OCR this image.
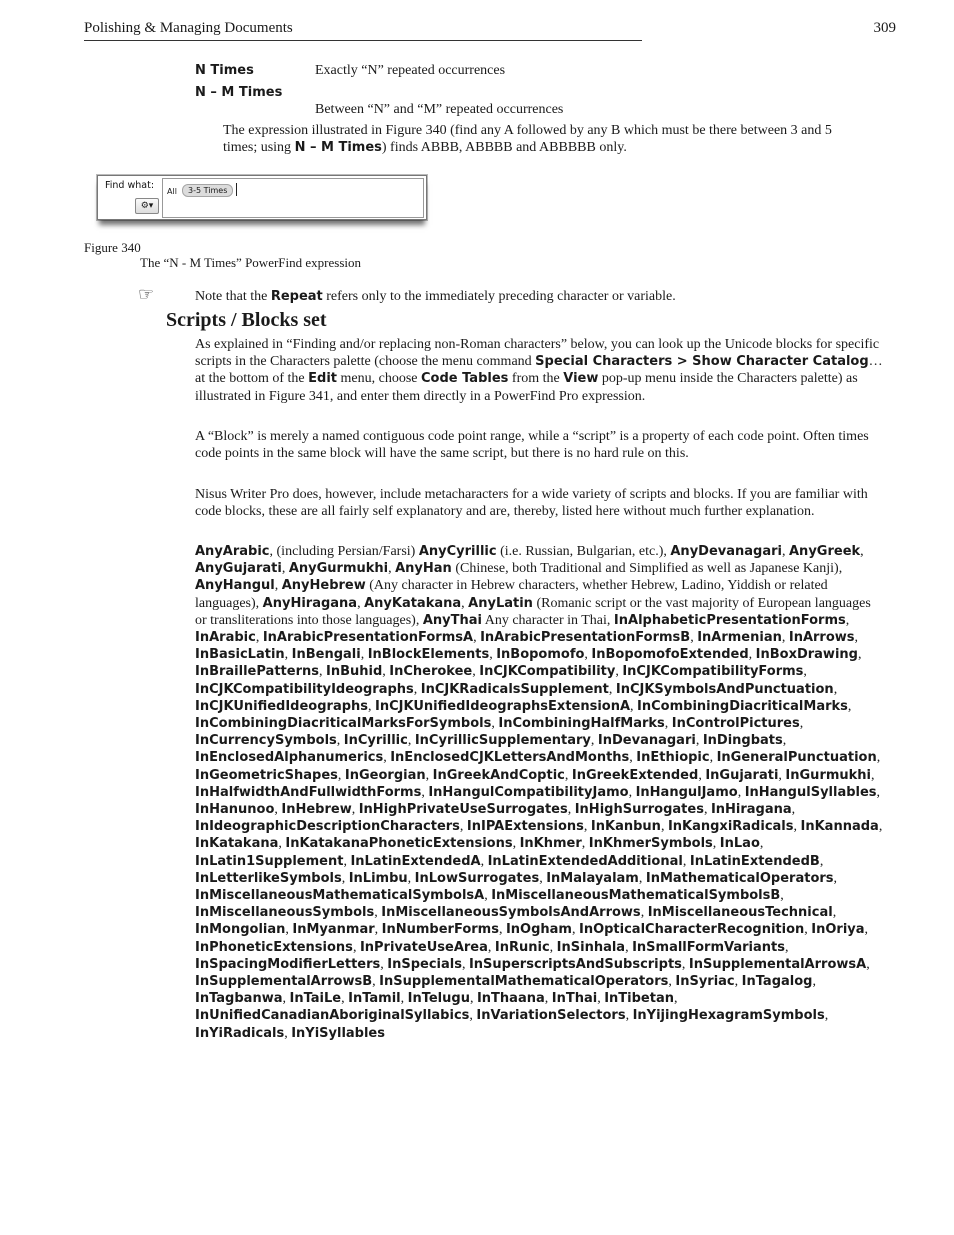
Polishing & Managing Documents	309
N Times	Exactly “N” repeated occurrences
N – M Times
Between “N” and “M” repeated occurrences
The expression illustrated in Figure 340 (find any A followed by any B which must be there between 3 and 5 times; using N – M Times) finds ABBB, ABBBB and ABBBBB only.
Find what:
⚙▾
All	3-5 Times
Figure 340
The “N - M Times” PowerFind expression
☞	Note that the Repeat refers only to the immediately preceding character or variable.
Scripts / Blocks set
As explained in “Finding and/or replacing non-Roman characters” below, you can look up the Unicode blocks for specific scripts in the Characters palette (choose the menu command Special Characters > Show Character Catalog… at the bottom of the Edit menu, choose Code Tables from the View pop-up menu inside the Characters palette) as illustrated in Figure 341, and enter them directly in a PowerFind Pro expression.
A “Block” is merely a named contiguous code point range, while a “script” is a property of each code point. Often times code points in the same block will have the same script, but there is no hard rule on this.
Nisus Writer Pro does, however, include metacharacters for a wide variety of scripts and blocks. If you are familiar with code blocks, these are all fairly self explanatory and are, thereby, listed here without much further explanation.
AnyArabic, (including Persian/Farsi) AnyCyrillic (i.e. Russian, Bulgarian, etc.), AnyDevanagari, AnyGreek, AnyGujarati, AnyGurmukhi, AnyHan (Chinese, both Traditional and Simplified as well as Japanese Kanji), AnyHangul, AnyHebrew (Any character in Hebrew characters, whether Hebrew, Ladino, Yiddish or related languages), AnyHiragana, AnyKatakana, AnyLatin (Romanic script or the vast majority of European languages or transliterations into those languages), AnyThai Any character in Thai, InAlphabeticPresentationForms, InArabic, InArabicPresentationFormsA, InArabicPresentationFormsB, InArmenian, InArrows, InBasicLatin, InBengali, InBlockElements, InBopomofo, InBopomofoExtended, InBoxDrawing, InBraillePatterns, InBuhid, InCherokee, InCJKCompatibility, InCJKCompatibilityForms, InCJKCompatibilityIdeographs, InCJKRadicalsSupplement, InCJKSymbolsAndPunctuation, InCJKUnifiedIdeographs, InCJKUnifiedIdeographsExtensionA, InCombiningDiacriticalMarks, InCombiningDiacriticalMarksForSymbols, InCombiningHalfMarks, InControlPictures, InCurrencySymbols, InCyrillic, InCyrillicSupplementary, InDevanagari, InDingbats, InEnclosedAlphanumerics, InEnclosedCJKLettersAndMonths, InEthiopic, InGeneralPunctuation, InGeometricShapes, InGeorgian, InGreekAndCoptic, InGreekExtended, InGujarati, InGurmukhi, InHalfwidthAndFullwidthForms, InHangulCompatibilityJamo, InHangulJamo, InHangulSyllables, InHanunoo, InHebrew, InHighPrivateUseSurrogates, InHighSurrogates, InHiragana, InIdeographicDescriptionCharacters, InIPAExtensions, InKanbun, InKangxiRadicals, InKannada, InKatakana, InKatakanaPhoneticExtensions, InKhmer, InKhmerSymbols, InLao, InLatin1Supplement, InLatinExtendedA, InLatinExtendedAdditional, InLatinExtendedB, InLetterlikeSymbols, InLimbu, InLowSurrogates, InMalayalam, InMathematicalOperators, InMiscellaneousMathematicalSymbolsA, InMiscellaneousMathematicalSymbolsB, InMiscellaneousSymbols, InMiscellaneousSymbolsAndArrows, InMiscellaneousTechnical, InMongolian, InMyanmar, InNumberForms, InOgham, InOpticalCharacterRecognition, InOriya, InPhoneticExtensions, InPrivateUseArea, InRunic, InSinhala, InSmallFormVariants, InSpacingModifierLetters, InSpecials, InSuperscriptsAndSubscripts, InSupplementalArrowsA, InSupplementalArrowsB, InSupplementalMathematicalOperators, InSyriac, InTagalog, InTagbanwa, InTaiLe, InTamil, InTelugu, InThaana, InThai, InTibetan, InUnifiedCanadianAboriginalSyllabics, InVariationSelectors, InYijingHexagramSymbols, InYiRadicals, InYiSyllables
